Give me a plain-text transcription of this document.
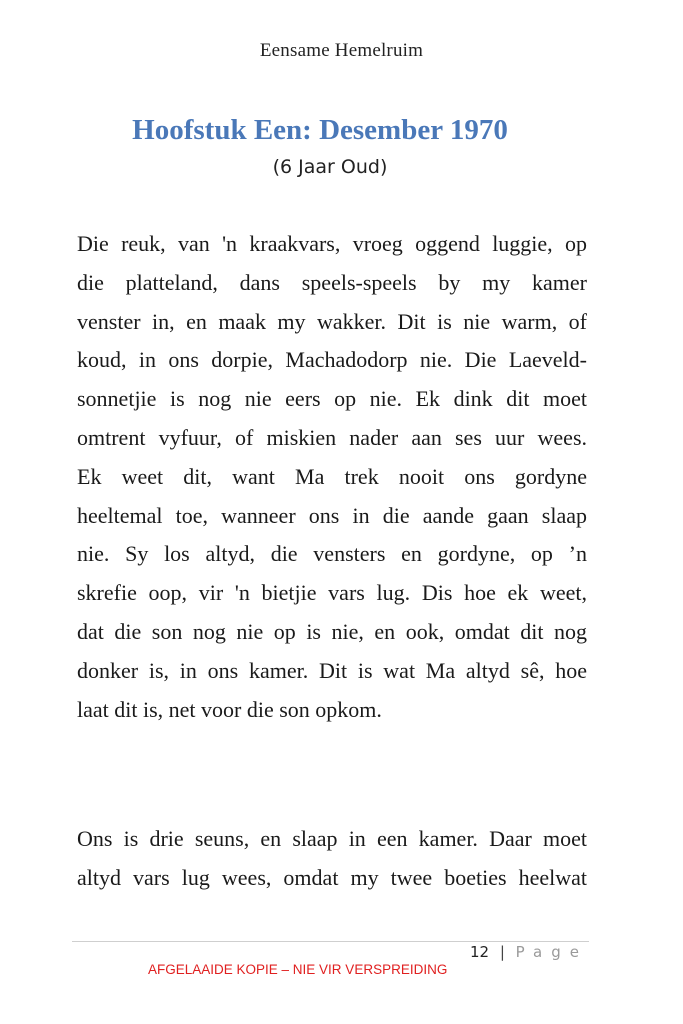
Eensame Hemelruim
Hoofstuk Een: Desember 1970
(6 Jaar Oud)
Die reuk, van 'n kraakvars, vroeg oggend luggie, op
die platteland, dans speels-speels by my kamer
venster in, en maak my wakker. Dit is nie warm, of
koud, in ons dorpie, Machadodorp nie. Die Laeveld-
sonnetjie is nog nie eers op nie. Ek dink dit moet
omtrent vyfuur, of miskien nader aan ses uur wees.
Ek weet dit, want Ma trek nooit ons gordyne
heeltemal toe, wanneer ons in die aande gaan slaap
nie. Sy los altyd, die vensters en gordyne, op ’n
skrefie oop, vir 'n bietjie vars lug. Dis hoe ek weet,
dat die son nog nie op is nie, en ook, omdat dit nog
donker is, in ons kamer. Dit is wat Ma altyd sê, hoe
laat dit is, net voor die son opkom.
Ons is drie seuns, en slaap in een kamer. Daar moet
altyd vars lug wees, omdat my twee boeties heelwat
12 | Page
AFGELAAIDE KOPIE – NIE VIR VERSPREIDING
